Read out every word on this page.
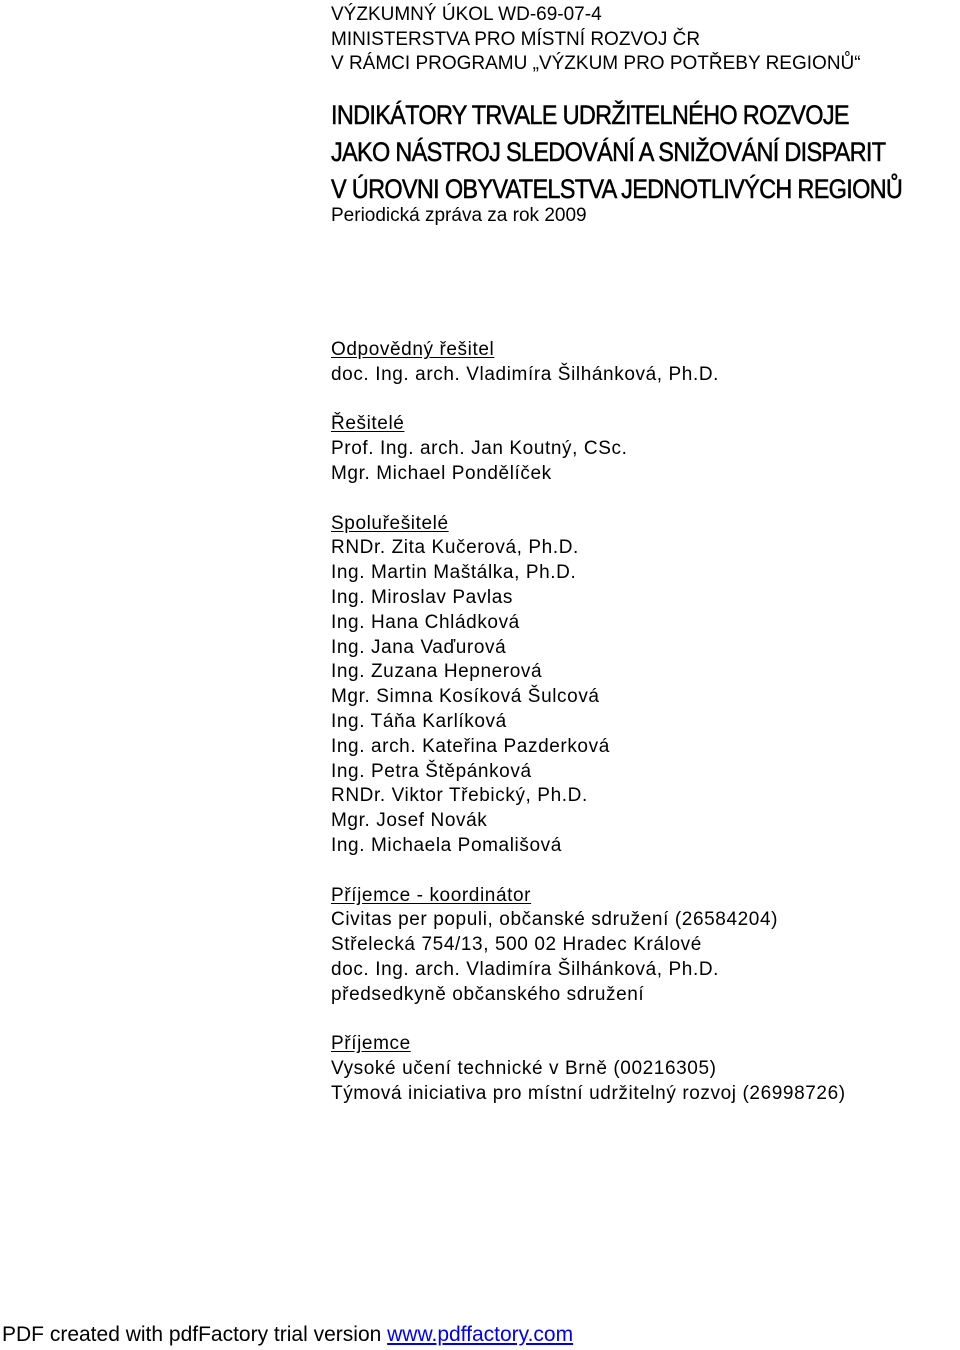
VÝZKUMNÝ ÚKOL WD-69-07-4
MINISTERSTVA PRO MÍSTNÍ ROZVOJ ČR
V RÁMCI PROGRAMU „VÝZKUM PRO POTŘEBY REGIONŮ“
INDIKÁTORY TRVALE UDRŽITELNÉHO ROZVOJE
JAKO NÁSTROJ SLEDOVÁNÍ A SNIŽOVÁNÍ DISPARIT
V ÚROVNI OBYVATELSTVA JEDNOTLIVÝCH REGIONŮ
Periodická zpráva za rok 2009
Odpovědný řešitel
doc. Ing. arch. Vladimíra Šilhánková, Ph.D.
Řešitelé
Prof. Ing. arch. Jan Koutný, CSc.
Mgr. Michael Pondělíček
Spoluřešitelé
RNDr. Zita Kučerová, Ph.D.
Ing. Martin Maštálka, Ph.D.
Ing. Miroslav Pavlas
Ing. Hana Chládková
Ing. Jana Vaďurová
Ing. Zuzana Hepnerová
Mgr. Simna Kosíková Šulcová
Ing. Táňa Karlíková
Ing. arch. Kateřina Pazderková
Ing. Petra Štěpánková
RNDr. Viktor Třebický, Ph.D.
Mgr. Josef Novák
Ing. Michaela Pomališová
Příjemce - koordinátor
Civitas per populi, občanské sdružení (26584204)
Střelecká 754/13, 500 02 Hradec Králové
doc. Ing. arch. Vladimíra Šilhánková, Ph.D.
předsedkyně občanského sdružení
Příjemce
Vysoké učení technické v Brně (00216305)
Týmová iniciativa pro místní udržitelný rozvoj (26998726)
PDF created with pdfFactory trial version www.pdffactory.com
